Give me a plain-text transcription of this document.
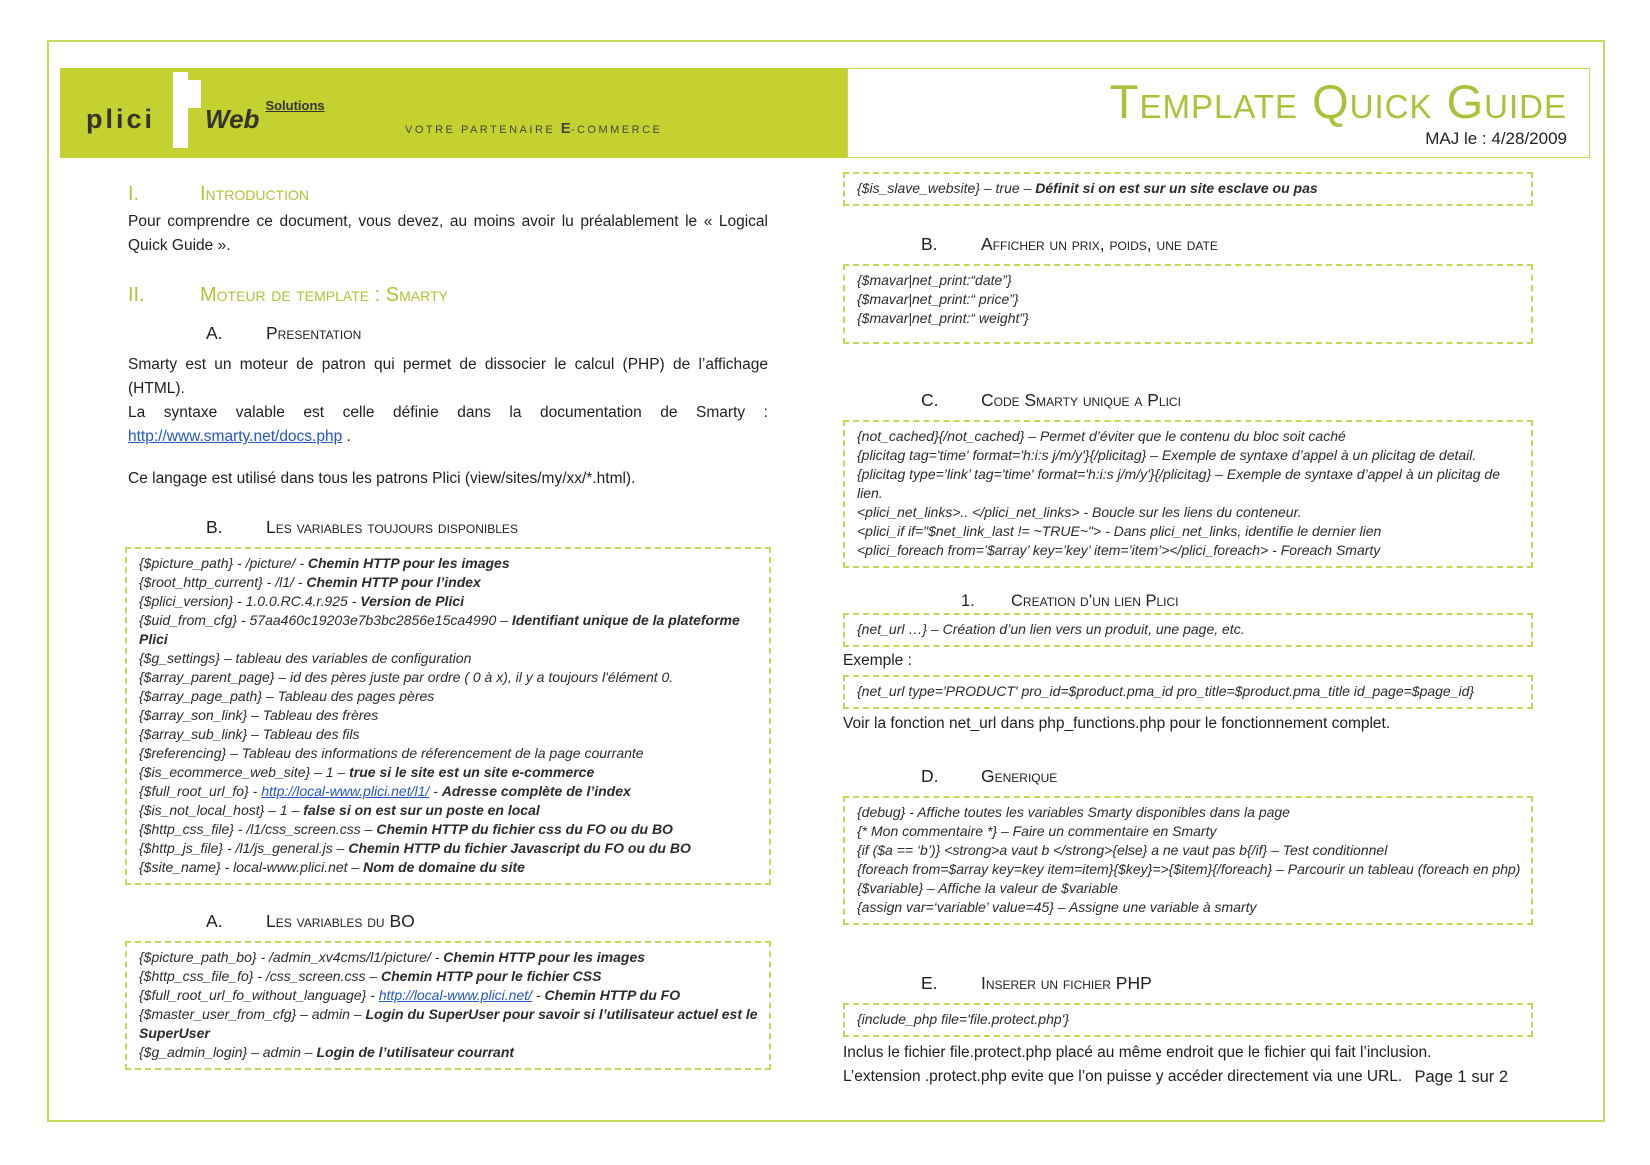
plici Web Solutions
VOTRE PARTENAIRE E-COMMERCE
Template Quick Guide
MAJ le : 4/28/2009
I.	Introduction

Pour comprendre ce document, vous devez, au moins avoir lu préalablement le « Logical Quick Guide ».

II.	Moteur de template : Smarty
A.	Presentation

Smarty est un moteur de patron qui permet de dissocier le calcul (PHP) de l’affichage (HTML).

La syntaxe valable est celle définie dans la documentation de Smarty : http://www.smarty.net/docs.php .

Ce langage est utilisé dans tous les patrons Plici (view/sites/my/xx/*.html).

B.	Les variables toujours disponibles
{$picture_path} - /picture/ - Chemin HTTP pour les images
{$root_http_current} - /l1/ - Chemin HTTP pour l’index
{$plici_version} - 1.0.0.RC.4.r.925 - Version de Plici
{$uid_from_cfg} - 57aa460c19203e7b3bc2856e15ca4990 – Identifiant unique de la plateforme Plici
{$g_settings} – tableau des variables de configuration
{$array_parent_page} – id des pères juste par ordre ( 0 à x), il y a toujours l'élément 0.
{$array_page_path} – Tableau des pages pères
{$array_son_link} – Tableau des frères
{$array_sub_link} – Tableau des fils
{$referencing} – Tableau des informations de réferencement de la page courrante
{$is_ecommerce_web_site} – 1 – true si le site est un site e-commerce
{$full_root_url_fo} - http://local-www.plici.net/l1/ - Adresse complète de l’index
{$is_not_local_host} – 1 – false si on est sur un poste en local
{$http_css_file} - /l1/css_screen.css – Chemin HTTP du fichier css du FO ou du BO
{$http_js_file} - /l1/js_general.js – Chemin HTTP du fichier Javascript du FO ou du BO
{$site_name} - local-www.plici.net – Nom de domaine du site
A.	Les variables du BO
{$picture_path_bo} - /admin_xv4cms/l1/picture/ - Chemin HTTP pour les images
{$http_css_file_fo} - /css_screen.css – Chemin HTTP pour le fichier CSS
{$full_root_url_fo_without_language} - http://local-www.plici.net/ - Chemin HTTP du FO
{$master_user_from_cfg} – admin – Login du SuperUser pour savoir si l’utilisateur actuel est le SuperUser
{$g_admin_login} – admin – Login de l’utilisateur courrant
{$is_slave_website} – true – Définit si on est sur un site esclave ou pas
B.	Afficher un prix, poids, une date
{$mavar|net_print:“date”}
{$mavar|net_print:“ price”}
{$mavar|net_print:“ weight”}
C.	Code Smarty unique a Plici
{not_cached}{/not_cached} – Permet d’éviter que le contenu du bloc soit caché
{plicitag tag='time' format='h:i:s j/m/y'}{/plicitag} – Exemple de syntaxe d’appel à un plicitag de detail.
{plicitag type=’link’ tag='time' format='h:i:s j/m/y'}{/plicitag} – Exemple de syntaxe d’appel à un plicitag de lien.
<plici_net_links>.. </plici_net_links> - Boucle sur les liens du conteneur.
<plici_if if="$net_link_last != ~TRUE~"> - Dans plici_net_links, identifie le dernier lien
<plici_foreach from=’$array’ key=’key’ item=’item’></plici_foreach> - Foreach Smarty
1.	Creation d’un lien Plici
{net_url …} – Création d’un lien vers un produit, une page, etc.

Exemple :

{net_url type='PRODUCT' pro_id=$product.pma_id pro_title=$product.pma_title id_page=$page_id}

Voir la fonction net_url dans php_functions.php pour le fonctionnement complet.

D.	Generique
{debug} - Affiche toutes les variables Smarty disponibles dans la page
{* Mon commentaire *} – Faire un commentaire en Smarty
{if ($a == ‘b’)} <strong>a vaut b </strong>{else} a ne vaut pas b{/if} – Test conditionnel
{foreach from=$array key=key item=item}{$key}=>{$item}{/foreach} – Parcourir un tableau (foreach en php)
{$variable} – Affiche la valeur de $variable
{assign var=‘variable’ value=45} – Assigne une variable à smarty
E.	Inserer un fichier PHP
{include_php file='file.protect.php'}

Inclus le fichier file.protect.php placé au même endroit que le fichier qui fait l’inclusion.

L’extension .protect.php evite que l’on puisse y accéder directement via une URL. Page 1 sur 2
